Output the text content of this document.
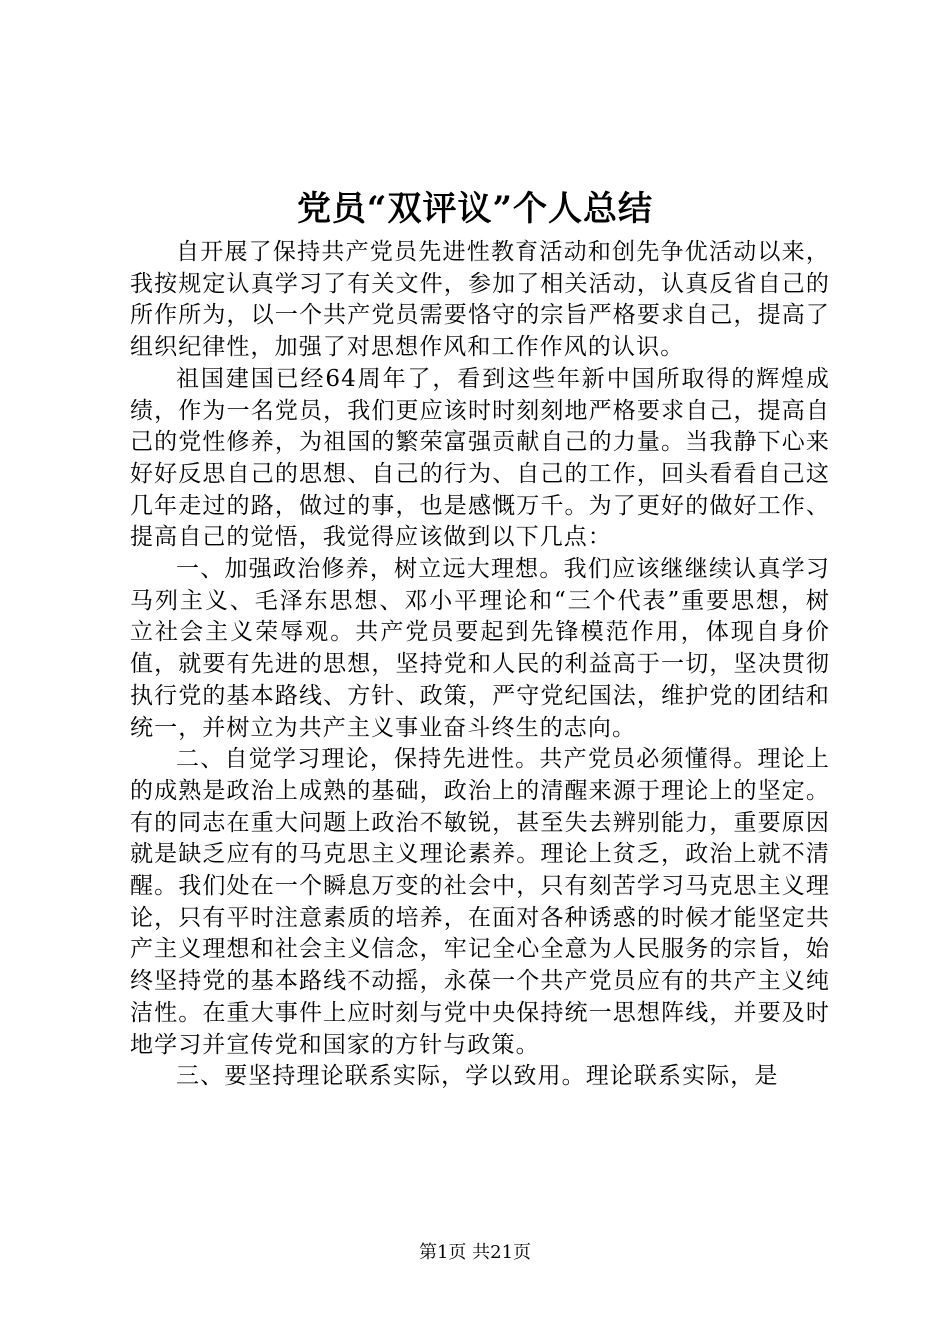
党员“双评议”个人总结

自开展了保持共产党员先进性教育活动和创先争优活动以来，我按规定认真学习了有关文件，参加了相关活动，认真反省自己的所作所为，以一个共产党员需要恪守的宗旨严格要求自己，提高了组织纪律性，加强了对思想作风和工作作风的认识。

祖国建国已经64周年了，看到这些年新中国所取得的辉煌成绩，作为一名党员，我们更应该时时刻刻地严格要求自己，提高自己的党性修养，为祖国的繁荣富强贡献自己的力量。当我静下心来好好反思自己的思想、自己的行为、自己的工作，回头看看自己这几年走过的路，做过的事，也是感慨万千。为了更好的做好工作、提高自己的觉悟，我觉得应该做到以下几点：

一、加强政治修养，树立远大理想。我们应该继继续认真学习马列主义、毛泽东思想、邓小平理论和“三个代表”重要思想，树立社会主义荣辱观。共产党员要起到先锋模范作用，体现自身价值，就要有先进的思想，坚持党和人民的利益高于一切，坚决贯彻执行党的基本路线、方针、政策，严守党纪国法，维护党的团结和统一，并树立为共产主义事业奋斗终生的志向。

二、自觉学习理论，保持先进性。共产党员必须懂得。理论上的成熟是政治上成熟的基础，政治上的清醒来源于理论上的坚定。有的同志在重大问题上政治不敏锐，甚至失去辨别能力，重要原因就是缺乏应有的马克思主义理论素养。理论上贫乏，政治上就不清醒。我们处在一个瞬息万变的社会中，只有刻苦学习马克思主义理论，只有平时注意素质的培养，在面对各种诱惑的时候才能坚定共产主义理想和社会主义信念，牢记全心全意为人民服务的宗旨，始终坚持党的基本路线不动摇，永葆一个共产党员应有的共产主义纯洁性。在重大事件上应时刻与党中央保持统一思想阵线，并要及时地学习并宣传党和国家的方针与政策。

三、要坚持理论联系实际，学以致用。理论联系实际，是

第1页 共21页
